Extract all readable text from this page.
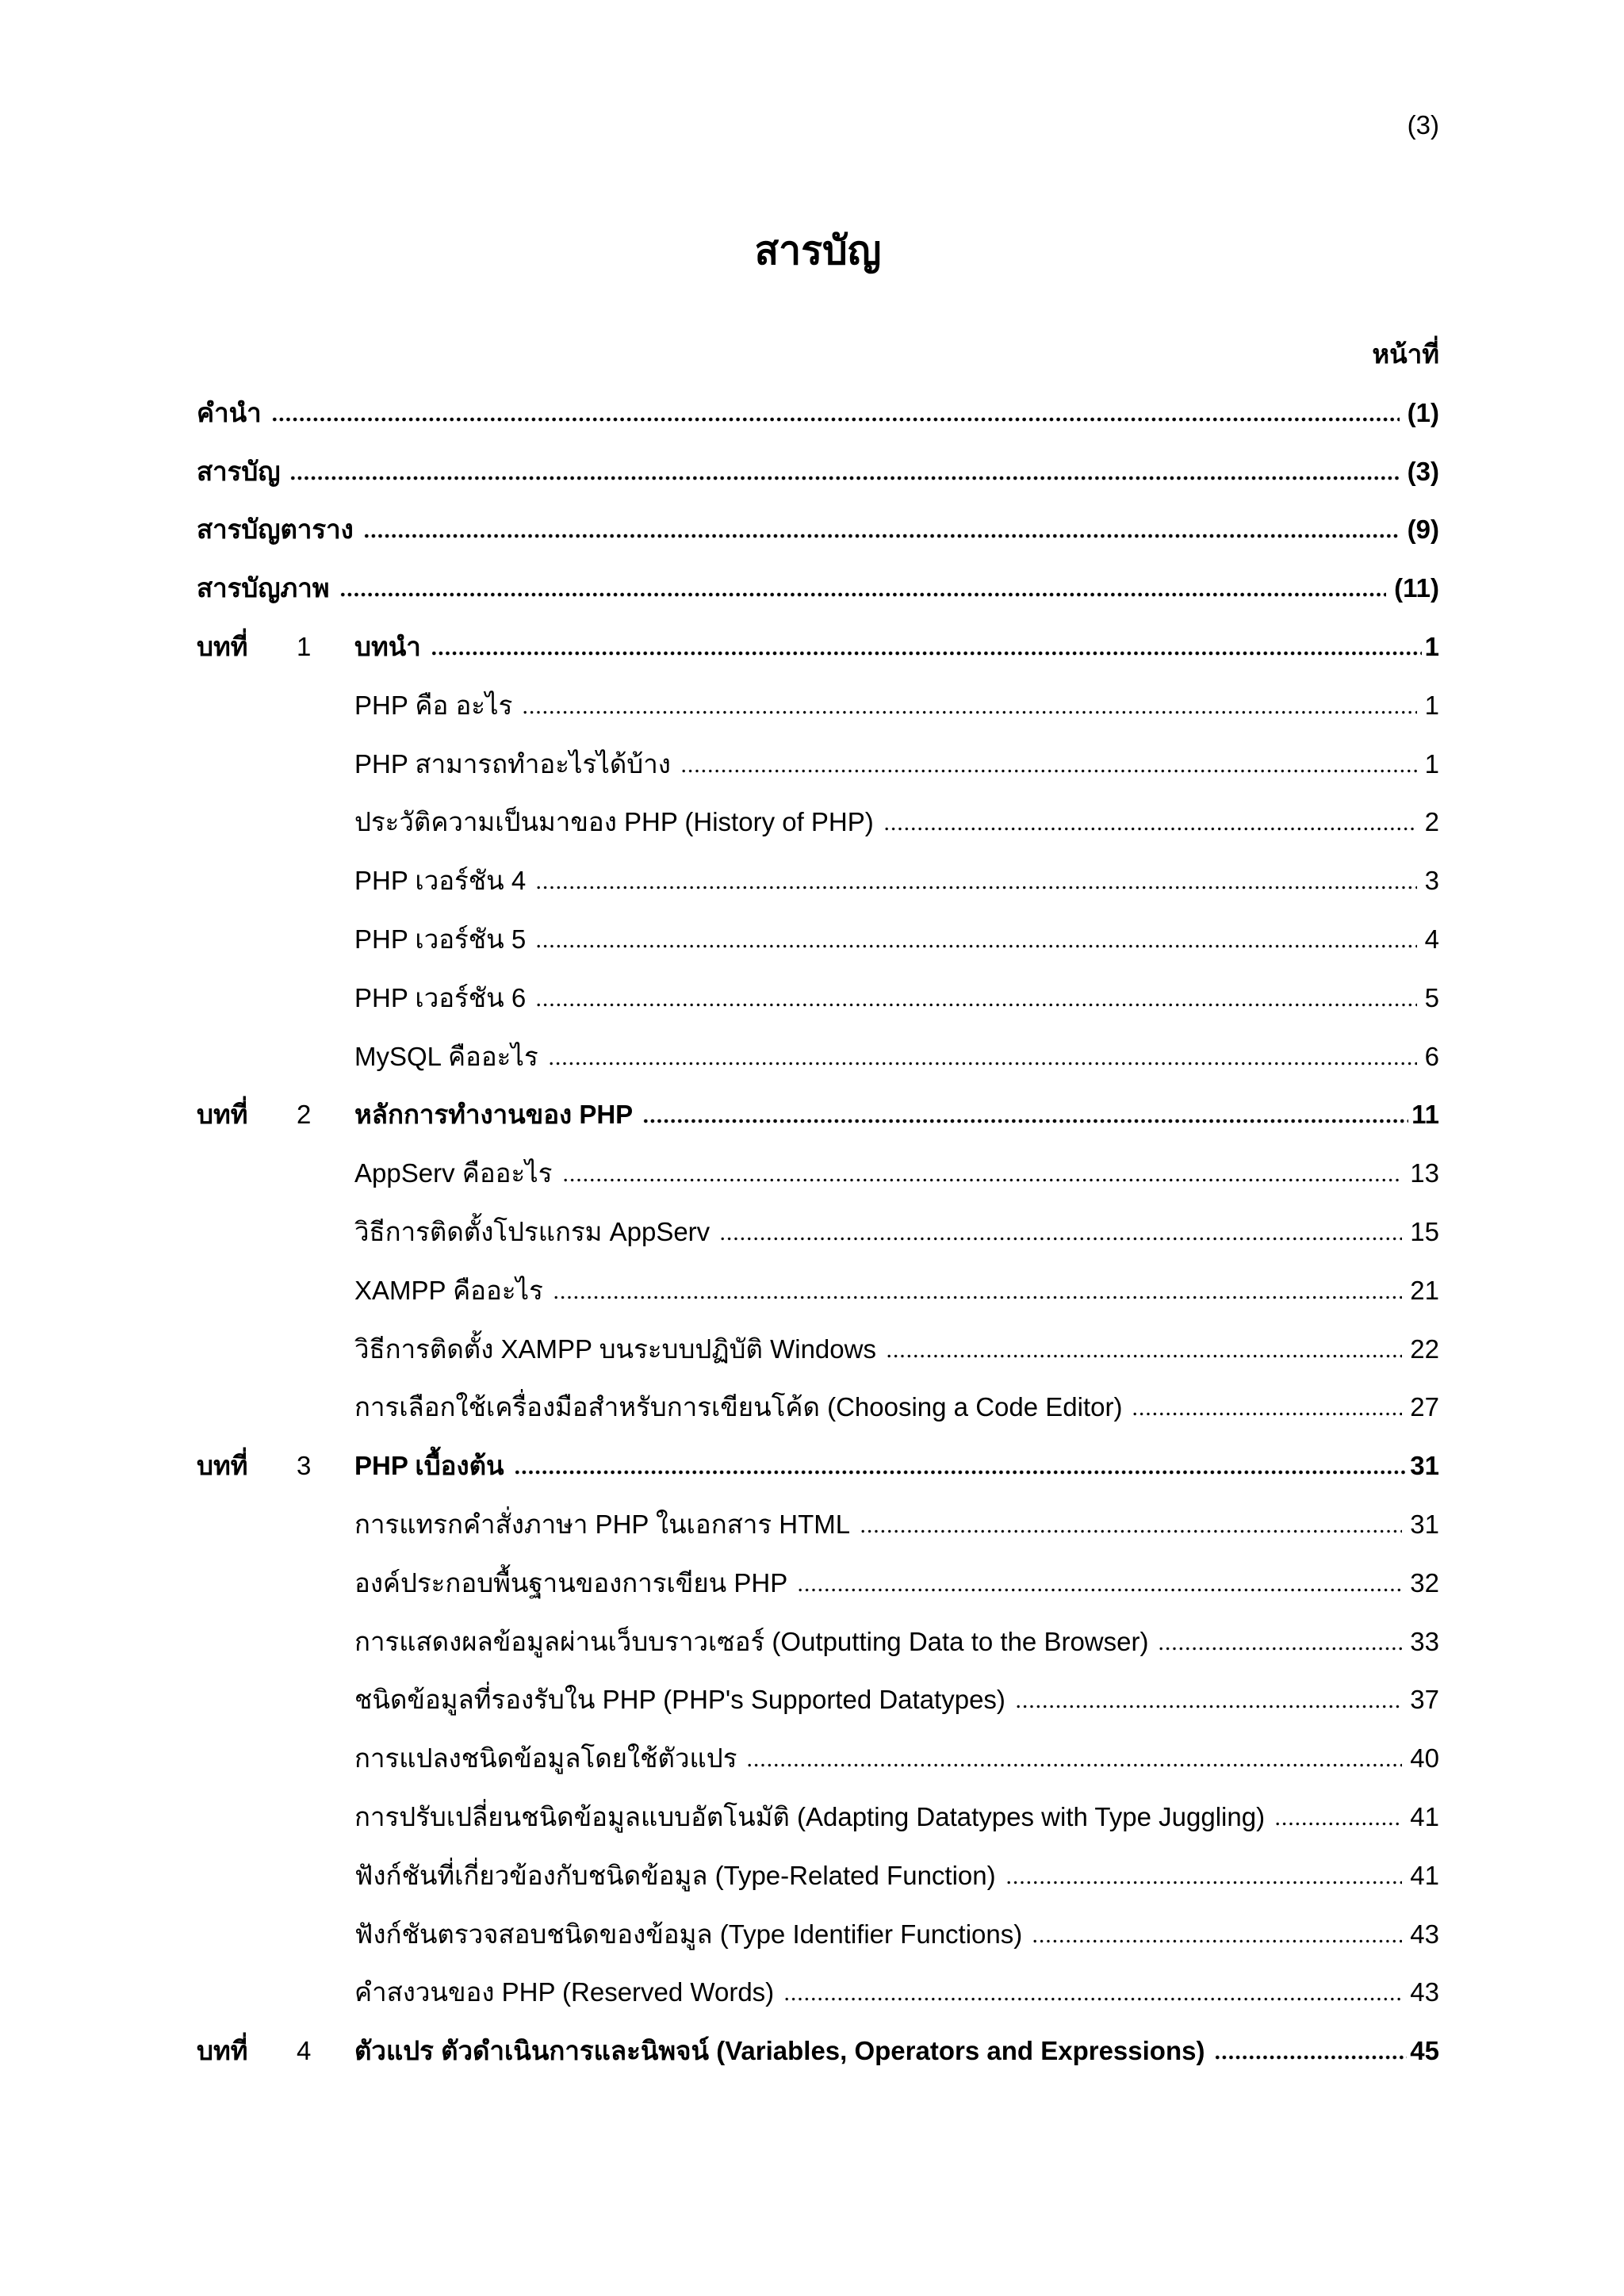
(3)
สารบัญ
หน้าที่
คำนำ	(1)
สารบัญ	(3)
สารบัญตาราง	(9)
สารบัญภาพ	(11)
บทที่	1	บทนำ	1
PHP คือ อะไร	1
PHP สามารถทำอะไรได้บ้าง	1
ประวัติความเป็นมาของ PHP (History of PHP)	2
PHP เวอร์ชัน 4	3
PHP เวอร์ชัน 5	4
PHP เวอร์ชัน 6	5
MySQL คืออะไร	6
บทที่	2	หลักการทำงานของ PHP	11
AppServ คืออะไร	13
วิธีการติดตั้งโปรแกรม AppServ	15
XAMPP คืออะไร	21
วิธีการติดตั้ง XAMPP บนระบบปฏิบัติ Windows	22
การเลือกใช้เครื่องมือสำหรับการเขียนโค้ด (Choosing a Code Editor)	27
บทที่	3	PHP เบื้องต้น	31
การแทรกคำสั่งภาษา PHP ในเอกสาร HTML	31
องค์ประกอบพื้นฐานของการเขียน PHP	32
การแสดงผลข้อมูลผ่านเว็บบราวเซอร์ (Outputting Data to the Browser)	33
ชนิดข้อมูลที่รองรับใน PHP (PHP's Supported Datatypes)	37
การแปลงชนิดข้อมูลโดยใช้ตัวแปร	40
การปรับเปลี่ยนชนิดข้อมูลแบบอัตโนมัติ (Adapting Datatypes with Type Juggling)	41
ฟังก์ชันที่เกี่ยวข้องกับชนิดข้อมูล (Type-Related Function)	41
ฟังก์ชันตรวจสอบชนิดของข้อมูล (Type Identifier Functions)	43
คำสงวนของ PHP (Reserved Words)	43
บทที่	4	ตัวแปร ตัวดำเนินการและนิพจน์ (Variables, Operators and Expressions)	45
